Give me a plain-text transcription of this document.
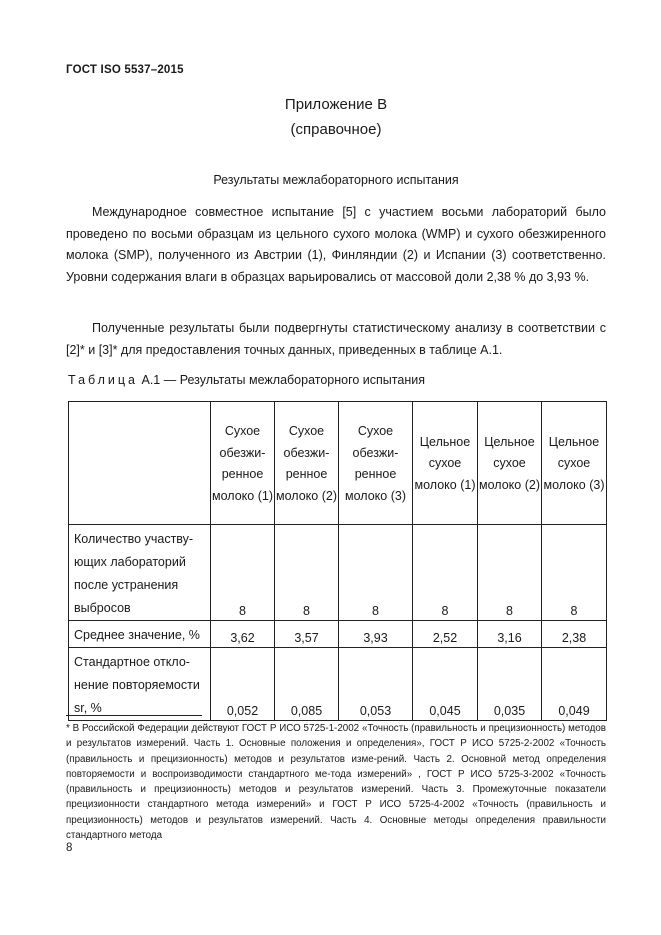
ГОСТ ISO 5537–2015
Приложение В
(справочное)
Результаты межлабораторного испытания

Международное совместное испытание [5] с участием восьми лабораторий было проведено по восьми образцам из цельного сухого молока (WMP) и сухого обезжиренного молока (SMP), полученного из Австрии (1), Финляндии (2) и Испании (3) соответственно. Уровни содержания влаги в образцах варьировались от массовой доли 2,38 % до 3,93 %.

Полученные результаты были подвергнуты статистическому анализу в соответствии с [2]* и [3]* для предоставления точных данных, приведенных в таблице А.1.

Таблица А.1 — Результаты межлабораторного испытания
	Сухое обезжи-ренное молоко (1)	Сухое обезжи-ренное молоко (2)	Сухое обезжи-ренное молоко (3)	Цельное сухое молоко (1)	Цельное сухое молоко (2)	Цельное сухое молоко (3)
Количество участву-ющих лабораторий после устранения выбросов	8	8	8	8	8	8
Среднее значение, %	3,62	3,57	3,93	2,52	3,16	2,38
Стандартное откло-нение повторяемости sr, %	0,052	0,085	0,053	0,045	0,035	0,049

* В Российской Федерации действуют ГОСТ Р ИСО 5725-1-2002 «Точность (правильность и прецизионность) методов и результатов измерений. Часть 1. Основные положения и определения», ГОСТ Р ИСО 5725-2-2002 «Точность (правильность и прецизионность) методов и результатов изме-рений. Часть 2. Основной метод определения повторяемости и воспроизводимости стандартного ме-тода измерений» , ГОСТ Р ИСО 5725-3-2002 «Точность (правильность и прецизионность) методов и результатов измерений. Часть 3. Промежуточные показатели прецизионности стандартного метода измерений» и ГОСТ Р ИСО 5725-4-2002 «Точность (правильность и прецизионность) методов и результатов измерений. Часть 4. Основные методы определения правильности стандартного метода

8
